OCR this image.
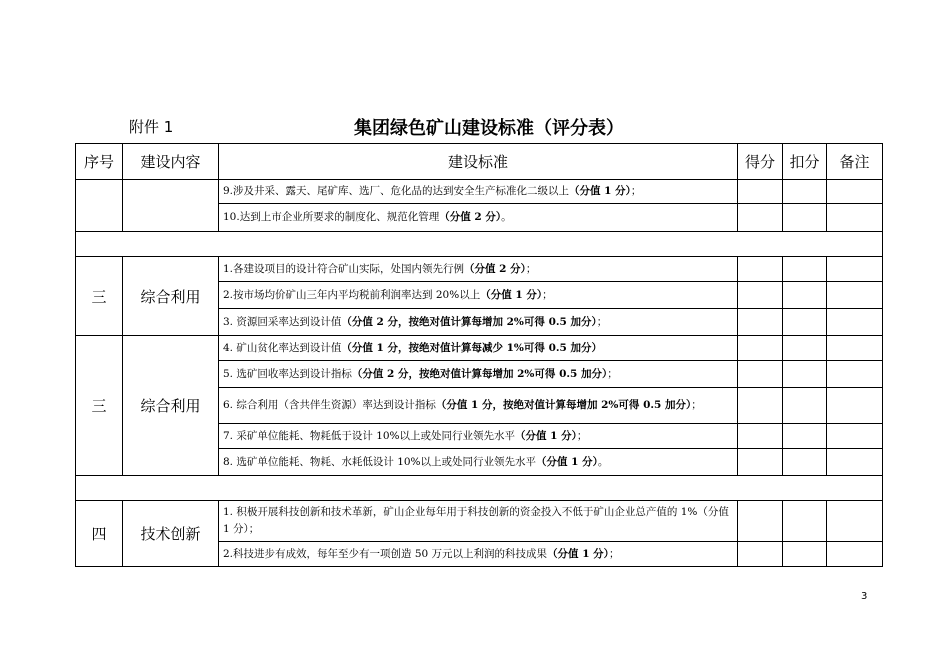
附件 1	集团绿色矿山建设标准（评分表）
序号	建设内容	建设标准	得分	扣分	备注
		9.涉及井采、露天、尾矿库、选厂、危化品的达到安全生产标准化二级以上（分值 1 分）；			
		10.达到上市企业所要求的制度化、规范化管理（分值 2 分）。			

三	综合利用	1.各建设项目的设计符合矿山实际，处国内领先行例（分值 2 分）；			
		2.按市场均价矿山三年内平均税前利润率达到 20%以上（分值 1 分）；			
		3. 资源回采率达到设计值（分值 2 分，按绝对值计算每增加 2%可得 0.5 加分）；			
三	综合利用	4. 矿山贫化率达到设计值（分值 1 分，按绝对值计算每减少 1%可得 0.5 加分）			
		5. 选矿回收率达到设计指标（分值 2 分，按绝对值计算每增加 2%可得 0.5 加分）；			
		6. 综合利用（含共伴生资源）率达到设计指标（分值 1 分，按绝对值计算每增加 2%可得 0.5 加分）；			
		7. 采矿单位能耗、物耗低于设计 10%以上或处同行业领先水平（分值 1 分）；			
		8. 选矿单位能耗、物耗、水耗低设计 10%以上或处同行业领先水平（分值 1 分）。			

四	技术创新	1. 积极开展科技创新和技术革新，矿山企业每年用于科技创新的资金投入不低于矿山企业总产值的 1%（分值 1 分）；			
		2.科技进步有成效，每年至少有一项创造 50 万元以上利润的科技成果（分值 1 分）；			
3
